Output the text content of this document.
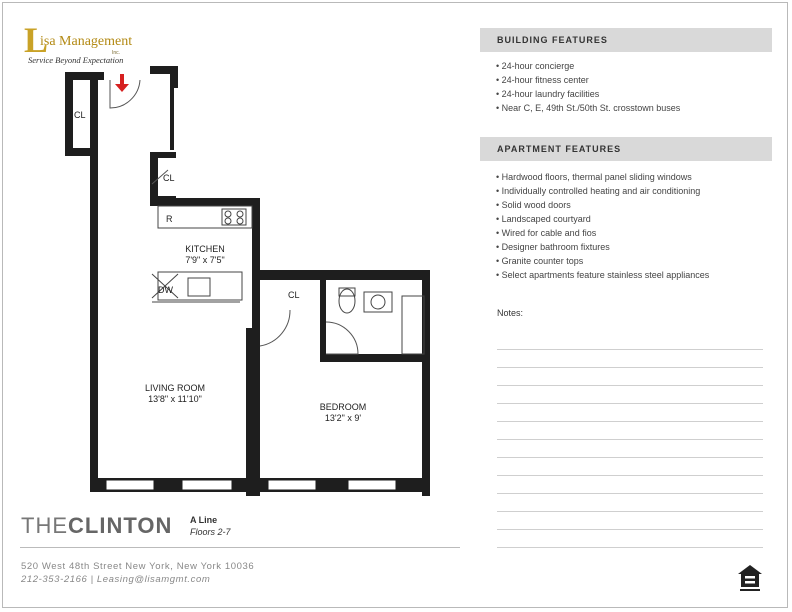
L
isa Management
Inc.
Service Beyond Expectation
CL
CL
R
KITCHEN
7'9" x 7'5"
DW	CL
LIVING ROOM
13'8" x 11'10"
BEDROOM
13'2" x 9'
THECLINTON A Line
Floors 2-7
520 West 48th Street New York, New York 10036
212-353-2166 | Leasing@lisamgmt.com
BUILDING FEATURES
• 24-hour concierge
• 24-hour fitness center
• 24-hour laundry facilities
• Near C, E, 49th St./50th St. crosstown buses
APARTMENT FEATURES
• Hardwood floors, thermal panel sliding windows
• Individually controlled heating and air conditioning
• Solid wood doors
• Landscaped courtyard
• Wired for cable and fios
• Designer bathroom fixtures
• Granite counter tops
• Select apartments feature stainless steel appliances
Notes:
